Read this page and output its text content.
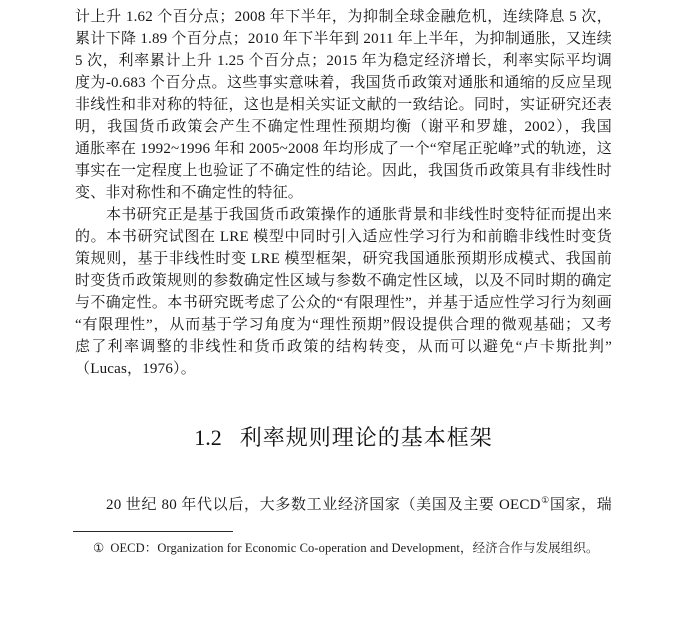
计上升 1.62 个百分点；2008 年下半年，为抑制全球金融危机，连续降息 5 次，
累计下降 1.89 个百分点；2010 年下半年到 2011 年上半年，为抑制通胀，又连续
5 次，利率累计上升 1.25 个百分点；2015 年为稳定经济增长，利率实际平均调
度为-0.683 个百分点。这些事实意味着，我国货币政策对通胀和通缩的反应呈现
非线性和非对称的特征，这也是相关实证文献的一致结论。同时，实证研究还表
明，我国货币政策会产生不确定性理性预期均衡（谢平和罗雄，2002），我国
通胀率在 1992~1996 年和 2005~2008 年均形成了一个“窄尾正驼峰”式的轨迹，这
事实在一定程度上也验证了不确定性的结论。因此，我国货币政策具有非线性时
变、非对称性和不确定性的特征。
本书研究正是基于我国货币政策操作的通胀背景和非线性时变特征而提出来
的。本书研究试图在 LRE 模型中同时引入适应性学习行为和前瞻非线性时变货
策规则，基于非线性时变 LRE 模型框架，研究我国通胀预期形成模式、我国前
时变货币政策规则的参数确定性区域与参数不确定性区域，以及不同时期的确定
与不确定性。本书研究既考虑了公众的“有限理性”，并基于适应性学习行为刻画
“有限理性”，从而基于学习角度为“理性预期”假设提供合理的微观基础；又考
虑了利率调整的非线性和货币政策的结构转变，从而可以避免“卢卡斯批判”
（Lucas，1976）。
1.2 利率规则理论的基本框架
20 世纪 80 年代以后，大多数工业经济国家（美国及主要 OECD①国家，瑞
① OECD：Organization for Economic Co-operation and Development，经济合作与发展组织。
